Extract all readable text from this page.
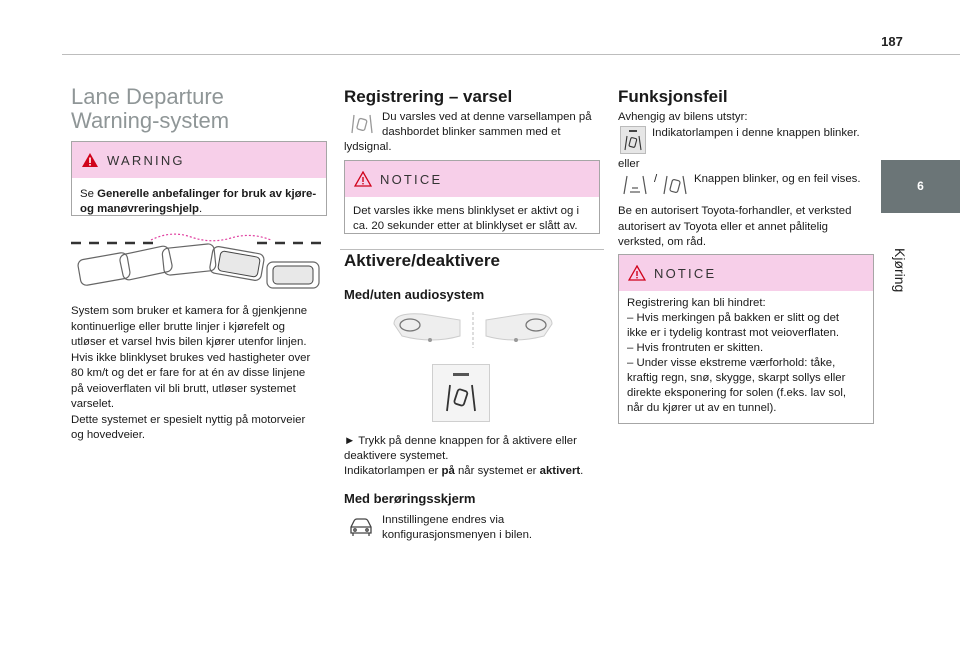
187
6
Kjøring
Lane Departure
Warning-system
WARNING
Se Generelle anbefalinger for bruk av kjøre- og manøvreringshjelp.
System som bruker et kamera for å gjenkjenne
kontinuerlige eller brutte linjer i kjørefelt og
utløser et varsel hvis bilen kjører utenfor linjen.
Hvis ikke blinklyset brukes ved hastigheter over
80 km/t og det er fare for at én av disse linjene
på veioverflaten vil bli brutt, utløser systemet
varselet.
Dette systemet er spesielt nyttig på motorveier
og hovedveier.
Registrering – varsel
Du varsles ved at denne varsellampen på
dashbordet blinker sammen med et
lydsignal.
NOTICE
Det varsles ikke mens blinklyset er aktivt og i
ca. 20 sekunder etter at blinklyset er slått av.
Aktivere/deaktivere
Med/uten audiosystem
► Trykk på denne knappen for å aktivere eller
deaktivere systemet.
Indikatorlampen er på når systemet er aktivert.
Med berøringsskjerm
Innstillingene endres via
konfigurasjonsmenyen i bilen.
Funksjonsfeil
Avhengig av bilens utstyr:
Indikatorlampen i denne knappen blinker.
eller
/	Knappen blinker, og en feil vises.
Be en autorisert Toyota-forhandler, et verksted
autorisert av Toyota eller et annet pålitelig
verksted, om råd.
NOTICE
Registrering kan bli hindret:
– Hvis merkingen på bakken er slitt og det
ikke er i tydelig kontrast mot veioverflaten.
– Hvis frontruten er skitten.
– Under visse ekstreme værforhold: tåke,
kraftig regn, snø, skygge, skarpt sollys eller
direkte eksponering for solen (f.eks. lav sol,
når du kjører ut av en tunnel).
